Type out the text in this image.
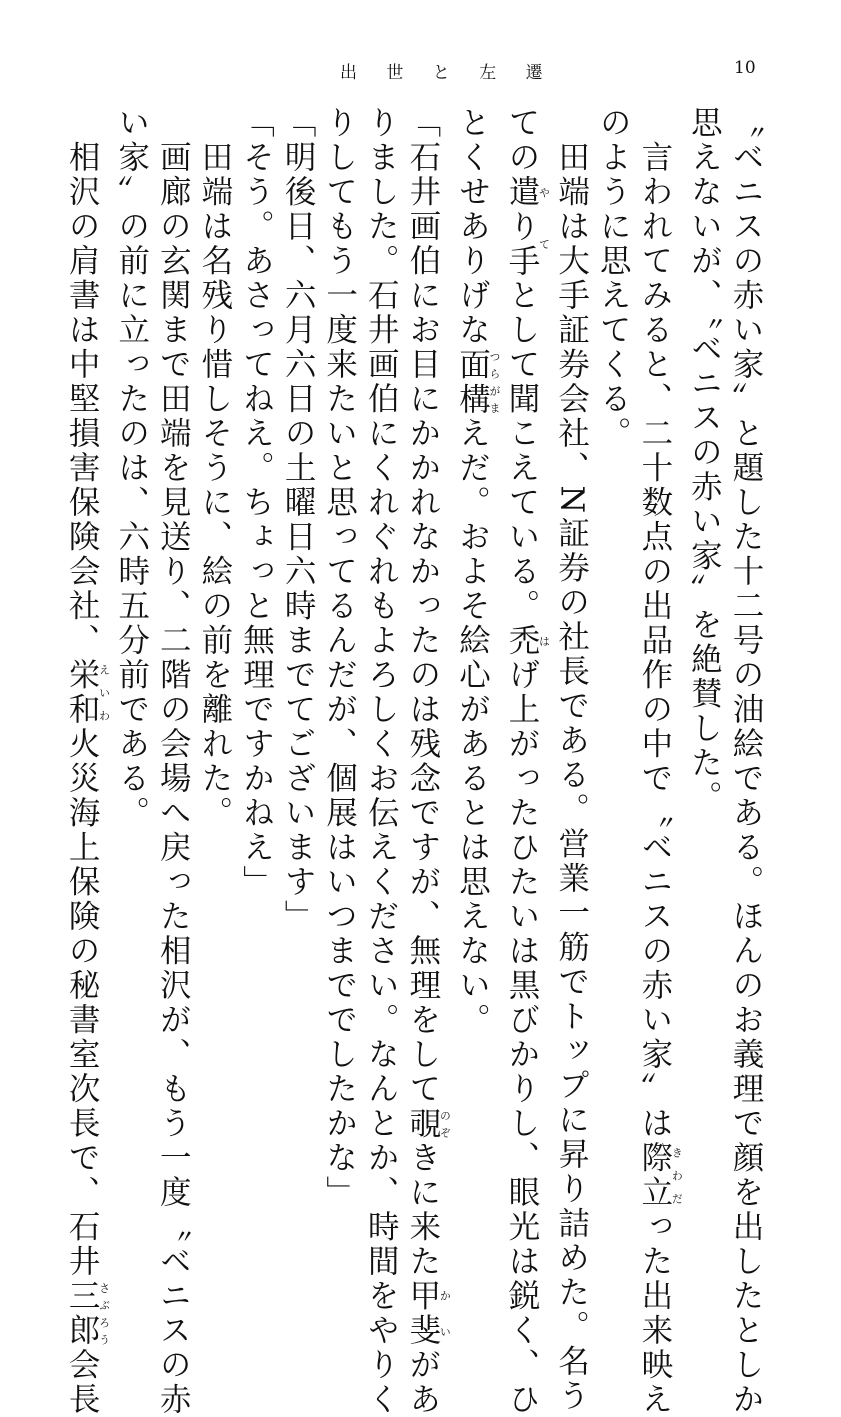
出 世 と 左 遷	10
〝ベニスの赤い家〟と題した十二号の油絵である。ほんのお義理で顔を出したとしか
思えないが、〝ベニスの赤い家〟を絶賛した。
　言われてみると、二十数点の出品作の中で〝ベニスの赤い家〟は際立きわだった出来映え
のように思えてくる。
　田端は大手証券会社、N証券の社長である。営業一筋でトップに昇り詰めた。名う
ての遣やり手てとして聞こえている。禿はげ上がったひたいは黒びかりし、眼光は鋭く、ひ
とくせありげな面構つらがまえだ。およそ絵心があるとは思えない。
「石井画伯にお目にかかれなかったのは残念ですが、無理をして覗のぞきに来た甲斐かいがあ
りました。石井画伯にくれぐれもよろしくお伝えください。なんとか、時間をやりく
りしてもう一度来たいと思ってるんだが、個展はいつまででしたかな」
「明後日、六月六日の土曜日六時までてございます」
「そう。あさってねえ。ちょっと無理ですかねえ」
　田端は名残り惜しそうに、絵の前を離れた。
　画廊の玄関まで田端を見送り、二階の会場へ戻った相沢が、もう一度〝ベニスの赤
い家〟の前に立ったのは、六時五分前である。
　相沢の肩書は中堅損害保険会社、栄和えいわ火災海上保険の秘書室次長で、石井三郎さぶろう会長
